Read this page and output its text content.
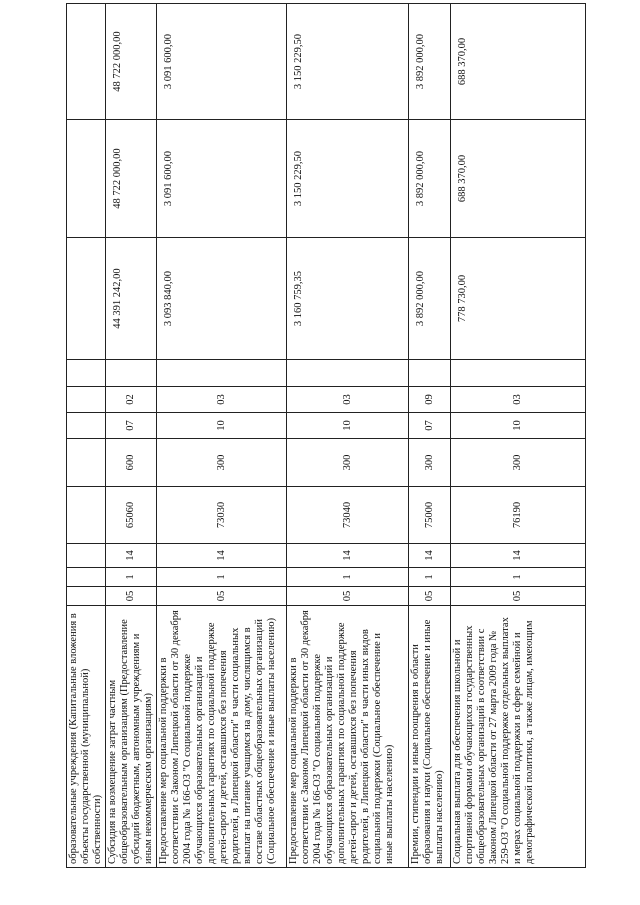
образовательные учреждения (Капитальные вложения в объекты государственной (муниципальной) собственности)											
Субсидия на возмещение затрат частным общеобразовательным организациям (Предоставление субсидий бюджетным, автономным учреждениям и иным некоммерческим организациям)	05	1	14	65060	600	07	02		44 391 242,00	48 722 000,00	48 722 000,00
Предоставление мер социальной поддержки в соответствии с Законом Липецкой области от 30 декабря 2004 года № 166-ОЗ "О социальной поддержке обучающихся образовательных организаций и дополнительных гарантиях по социальной поддержке детей-сирот и детей, оставшихся без попечения родителей, в Липецкой области" в части социальных выплат на питание учащимся на дому, числящимся в составе областных общеобразовательных организаций (Социальное обеспечение и иные выплаты населению)	05	1	14	73030	300	10	03		3 093 840,00	3 091 600,00	3 091 600,00
Предоставление мер социальной поддержки в соответствии с Законом Липецкой области от 30 декабря 2004 года № 166-ОЗ "О социальной поддержке обучающихся образовательных организаций и дополнительных гарантиях по социальной поддержке детей-сирот и детей, оставшихся без попечения родителей, в Липецкой области" в части иных видов социальной поддержки (Социальное обеспечение и иные выплаты населению)	05	1	14	73040	300	10	03		3 160 759,35	3 150 229,50	3 150 229,50
Премии, стипендии и иные поощрения в области образования и науки (Социальное обеспечение и иные выплаты населению)	05	1	14	75000	300	07	09		3 892 000,00	3 892 000,00	3 892 000,00
Социальная выплата для обеспечения школьной и спортивной формами обучающихся государственных общеобразовательных организаций в соответствии с Законом Липецкой области от 27 марта 2009 года № 259-ОЗ "О социальной поддержке отдельных выплатах и мерах социальной поддержки в сфере семейной и демографической политики, а также лицам, имеющим	05	1	14	76190	300	10	03		778 730,00	688 370,00	688 370,00
